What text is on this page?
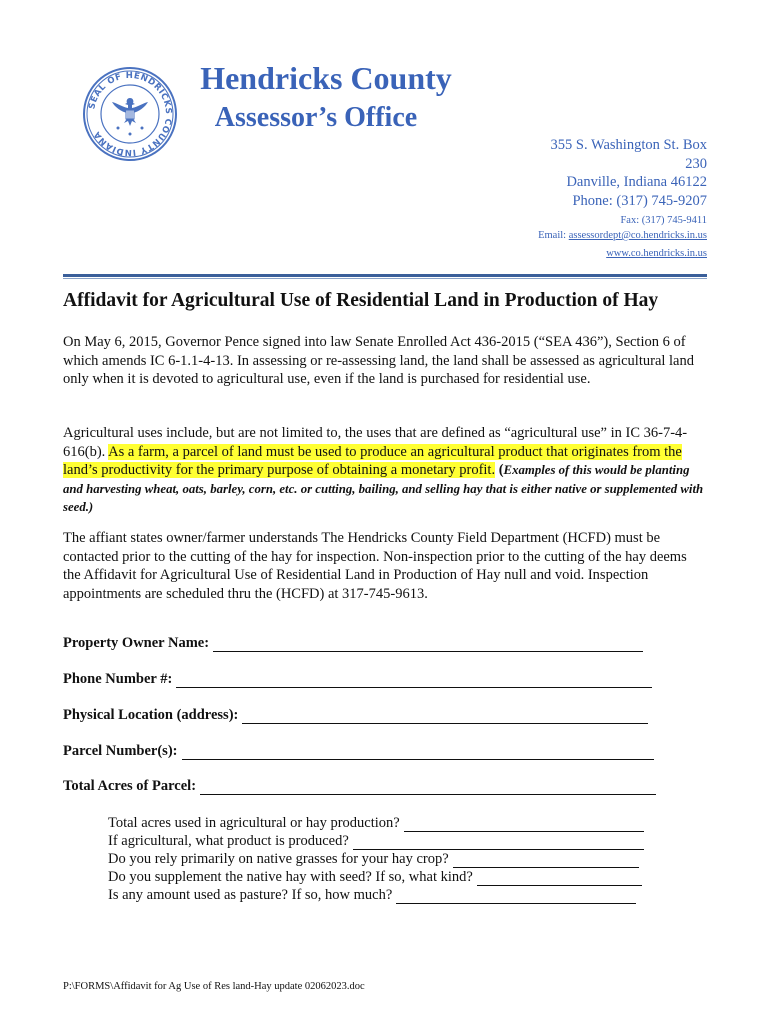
SEAL OF HENDRICKS COUNTY INDIANA
Hendricks County
Assessor’s Office
355 S. Washington St. Box
230
Danville, Indiana 46122
Phone: (317) 745-9207
Fax: (317) 745-9411
Email: assessordept@co.hendricks.in.us
www.co.hendricks.in.us
Affidavit for Agricultural Use of Residential Land in Production of Hay
On May 6, 2015, Governor Pence signed into law Senate Enrolled Act 436-2015 (“SEA 436”), Section 6 of which amends IC 6-1.1-4-13. In assessing or re-assessing land, the land shall be assessed as agricultural land only when it is devoted to agricultural use, even if the land is purchased for residential use.
Agricultural uses include, but are not limited to, the uses that are defined as “agricultural use” in IC 36-7-4-616(b). As a farm, a parcel of land must be used to produce an agricultural product that originates from the land’s productivity for the primary purpose of obtaining a monetary profit. (Examples of this would be planting and harvesting wheat, oats, barley, corn, etc. or cutting, bailing, and selling hay that is either native or supplemented with seed.)
The affiant states owner/farmer understands The Hendricks County Field Department (HCFD) must be contacted prior to the cutting of the hay for inspection. Non-inspection prior to the cutting of the hay deems the Affidavit for Agricultural Use of Residential Land in Production of Hay null and void. Inspection appointments are scheduled thru the (HCFD) at 317-745-9613.
Property Owner Name:
Phone Number #:
Physical Location (address):
Parcel Number(s):
Total Acres of Parcel:
Total acres used in agricultural or hay production?
If agricultural, what product is produced?
Do you rely primarily on native grasses for your hay crop?
Do you supplement the native hay with seed? If so, what kind?
Is any amount used as pasture? If so, how much?
P:\FORMS\Affidavit for Ag Use of Res land-Hay update 02062023.doc
